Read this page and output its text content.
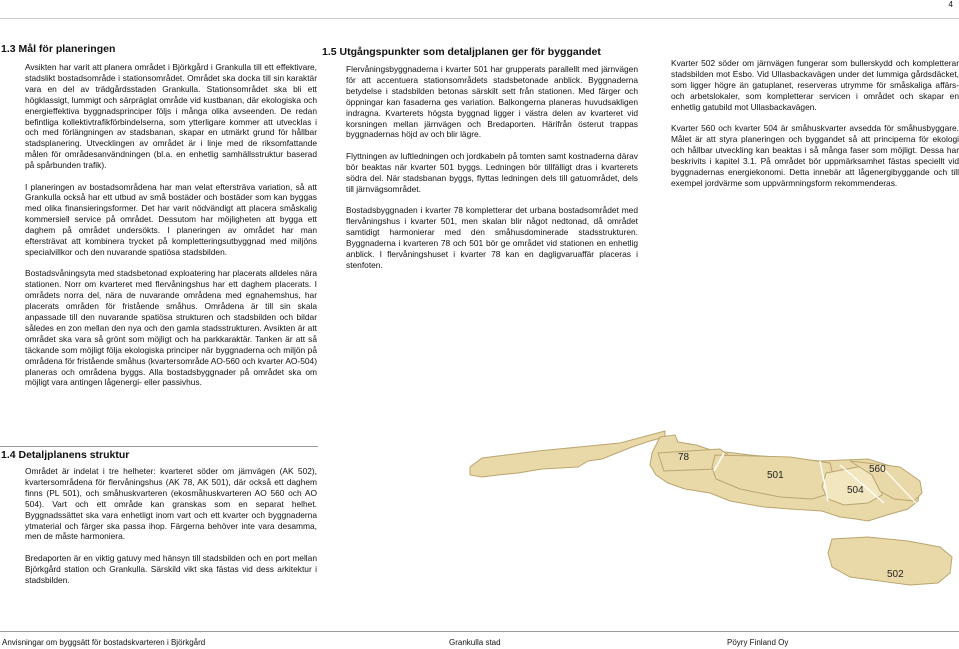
4
1.3 Mål för planeringen

Avsikten har varit att planera området i Björkgård i Grankulla till ett effektivare, stadslikt bostadsområde i stationsområdet. Området ska docka till sin karaktär vara en del av trädgårdsstaden Grankulla. Stationsområdet ska bli ett högklassigt, lummigt och särpräglat område vid kustbanan, där ekologiska och energieffektiva byggnadsprinciper följs i många olika avseenden. De redan befintliga kollektivtrafikförbindelserna, som ytterligare kommer att utvecklas i och med förlängningen av stadsbanan, skapar en utmärkt grund för hållbar stadsplanering. Utvecklingen av området är i linje med de riksomfattande målen för områdesanvändningen (bl.a. en enhetlig samhällsstruktur baserad på spårbunden trafik).

I planeringen av bostadsområdena har man velat eftersträva variation, så att Grankulla också har ett utbud av små bostäder och bostäder som kan byggas med olika finansieringsformer. Det har varit nödvändigt att placera småskalig kommersiell service på området. Dessutom har möjligheten att bygga ett daghem på området undersökts. I planeringen av området har man eftersträvat att kombinera trycket på kompletteringsutbyggnad med miljöns specialvillkor och den nuvarande spatiösa stadsbilden.

Bostadsvåningsyta med stadsbetonad exploatering har placerats alldeles nära stationen. Norr om kvarteret med flervåningshus har ett daghem placerats. I områdets norra del, nära de nuvarande områdena med egnahemshus, har placerats områden för fristående småhus. Områdena är till sin skala anpassade till den nuvarande spatiösa strukturen och stadsbilden och bildar således en zon mellan den nya och den gamla stadsstrukturen. Avsikten är att området ska vara så grönt som möjligt och ha parkkaraktär. Tanken är att så täckande som möjligt följa ekologiska principer när byggnaderna och miljön på områdena för fristående småhus (kvartersområde AO-560 och kvarter AO-504) planeras och områdena byggs. Alla bostadsbyggnader på området ska om möjligt vara antingen lågenergi- eller passivhus.

1.4 Detaljplanens struktur

Området är indelat i tre helheter: kvarteret söder om järnvägen (AK 502), kvartersområdena för flervåningshus (AK 78, AK 501), där också ett daghem finns (PL 501), och småhuskvarteren (ekosmåhuskvarteren AO 560 och AO 504). Vart och ett område kan granskas som en separat helhet. Byggnadssättet ska vara enhetligt inom vart och ett kvarter och byggnaderna ytmaterial och färger ska passa ihop. Färgerna behöver inte vara desamma, men de måste harmoniera.

Bredaporten är en viktig gatuvy med hänsyn till stadsbilden och en port mellan Björkgård station och Grankulla. Särskild vikt ska fästas vid dess arkitektur i stadsbilden.

1.5 Utgångspunkter som detaljplanen ger för byggandet

Flervåningsbyggnaderna i kvarter 501 har grupperats parallellt med järnvägen för att accentuera stationsområdets stadsbetonade anblick. Byggnaderna betydelse i stadsbilden betonas särskilt sett från stationen. Med färger och öppningar kan fasaderna ges variation. Balkongerna planeras huvudsakligen indragna. Kvarterets högsta byggnad ligger i västra delen av kvarteret vid korsningen mellan järnvägen och Bredaporten. Härifrån österut trappas byggnadernas höjd av och blir lägre.

Flyttningen av luftledningen och jordkabeln på tomten samt kostnaderna därav bör beaktas när kvarter 501 byggs. Ledningen bör tillfälligt dras i kvarterets södra del. När stadsbanan byggs, flyttas ledningen dels till gatuområdet, dels till järnvägsområdet.

Bostadsbyggnaden i kvarter 78 kompletterar det urbana bostadsområdet med flervåningshus i kvarter 501, men skalan blir något nedtonad, då området samtidigt harmonierar med den småhusdominerade stadsstrukturen. Byggnaderna i kvarteren 78 och 501 bör ge området vid stationen en enhetlig anblick. I flervåningshuset i kvarter 78 kan en dagligvaruaffär placeras i stenfoten.

Kvarter 502 söder om järnvägen fungerar som bullerskydd och kompletterar stadsbilden mot Esbo. Vid Ullasbackavägen under det lummiga gårdsdäcket, som ligger högre än gatuplanet, reserveras utrymme för småskaliga affärs- och arbetslokaler, som kompletterar servicen i området och skapar en enhetlig gatubild mot Ullasbackavägen.

Kvarter 560 och kvarter 504 är småhuskvarter avsedda för småhusbyggare. Målet är att styra planeringen och byggandet så att principerna för ekologi och hållbar utveckling kan beaktas i så många faser som möjligt. Dessa har beskrivits i kapitel 3.1. På området bör uppmärksamhet fästas speciellt vid byggnadernas energiekonomi. Detta innebär att lågenergibyggande och till exempel jordvärme som uppvärmningsform rekommenderas.

78
501
560
504
502
Anvisningar om byggsätt för bostadskvarteren i Björkgård	Grankulla stad	Pöyry Finland Oy
